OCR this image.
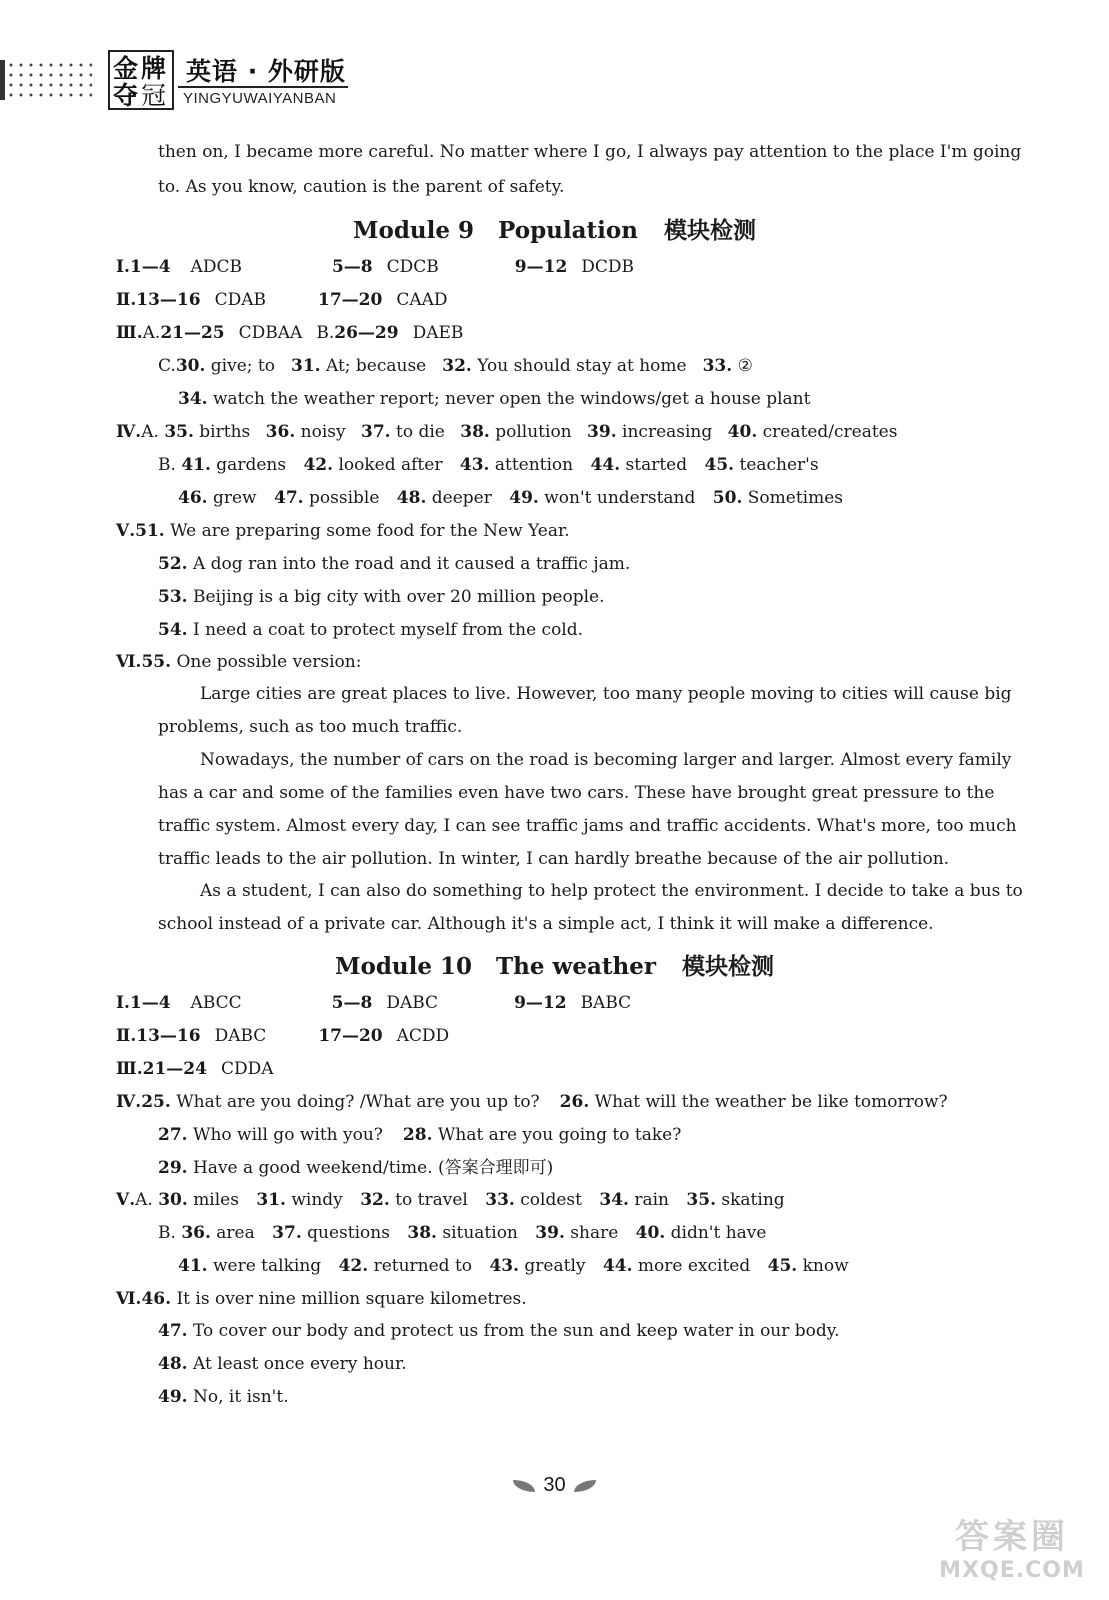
金 牌
夺 冠
英语 · 外研版
YINGYUWAIYANBAN
then on, I became more careful. No matter where I go, I always pay attention to the place I'm going
to. As you know, caution is the parent of safety.
Module 9   Population 模块检测
Ⅰ.1—4 ADCB	5—8 CDCB	9—12 DCDB
Ⅱ.13—16 CDAB	17—20 CAAD
Ⅲ.A.21—25 CDBAA B.26—29 DAEB
C.30. give; to 31. At; because 32. You should stay at home 33. ②
34. watch the weather report; never open the windows/get a house plant
Ⅳ.A. 35. births 36. noisy 37. to die 38. pollution 39. increasing 40. created/creates
B. 41. gardens 42. looked after 43. attention 44. started 45. teacher's
46. grew 47. possible 48. deeper 49. won't understand 50. Sometimes
Ⅴ.51. We are preparing some food for the New Year.
52. A dog ran into the road and it caused a traffic jam.
53. Beijing is a big city with over 20 million people.
54. I need a coat to protect myself from the cold.
Ⅵ.55. One possible version:
Large cities are great places to live. However, too many people moving to cities will cause big
problems, such as too much traffic.
Nowadays, the number of cars on the road is becoming larger and larger. Almost every family
has a car and some of the families even have two cars. These have brought great pressure to the
traffic system. Almost every day, I can see traffic jams and traffic accidents. What's more, too much
traffic leads to the air pollution. In winter, I can hardly breathe because of the air pollution.
As a student, I can also do something to help protect the environment. I decide to take a bus to
school instead of a private car. Although it's a simple act, I think it will make a difference.
Module 10   The weather 模块检测
Ⅰ.1—4 ABCC	5—8 DABC	9—12 BABC
Ⅱ.13—16 DABC	17—20 ACDD
Ⅲ.21—24 CDDA
Ⅳ.25. What are you doing? /What are you up to? 26. What will the weather be like tomorrow?
27. Who will go with you? 28. What are you going to take?
29. Have a good weekend/time. (答案合理即可)
Ⅴ.A. 30. miles 31. windy 32. to travel 33. coldest 34. rain 35. skating
B. 36. area 37. questions 38. situation 39. share 40. didn't have
41. were talking 42. returned to 43. greatly 44. more excited 45. know
Ⅵ.46. It is over nine million square kilometres.
47. To cover our body and protect us from the sun and keep water in our body.
48. At least once every hour.
49. No, it isn't.
30
答案圈
MXQE.COM
